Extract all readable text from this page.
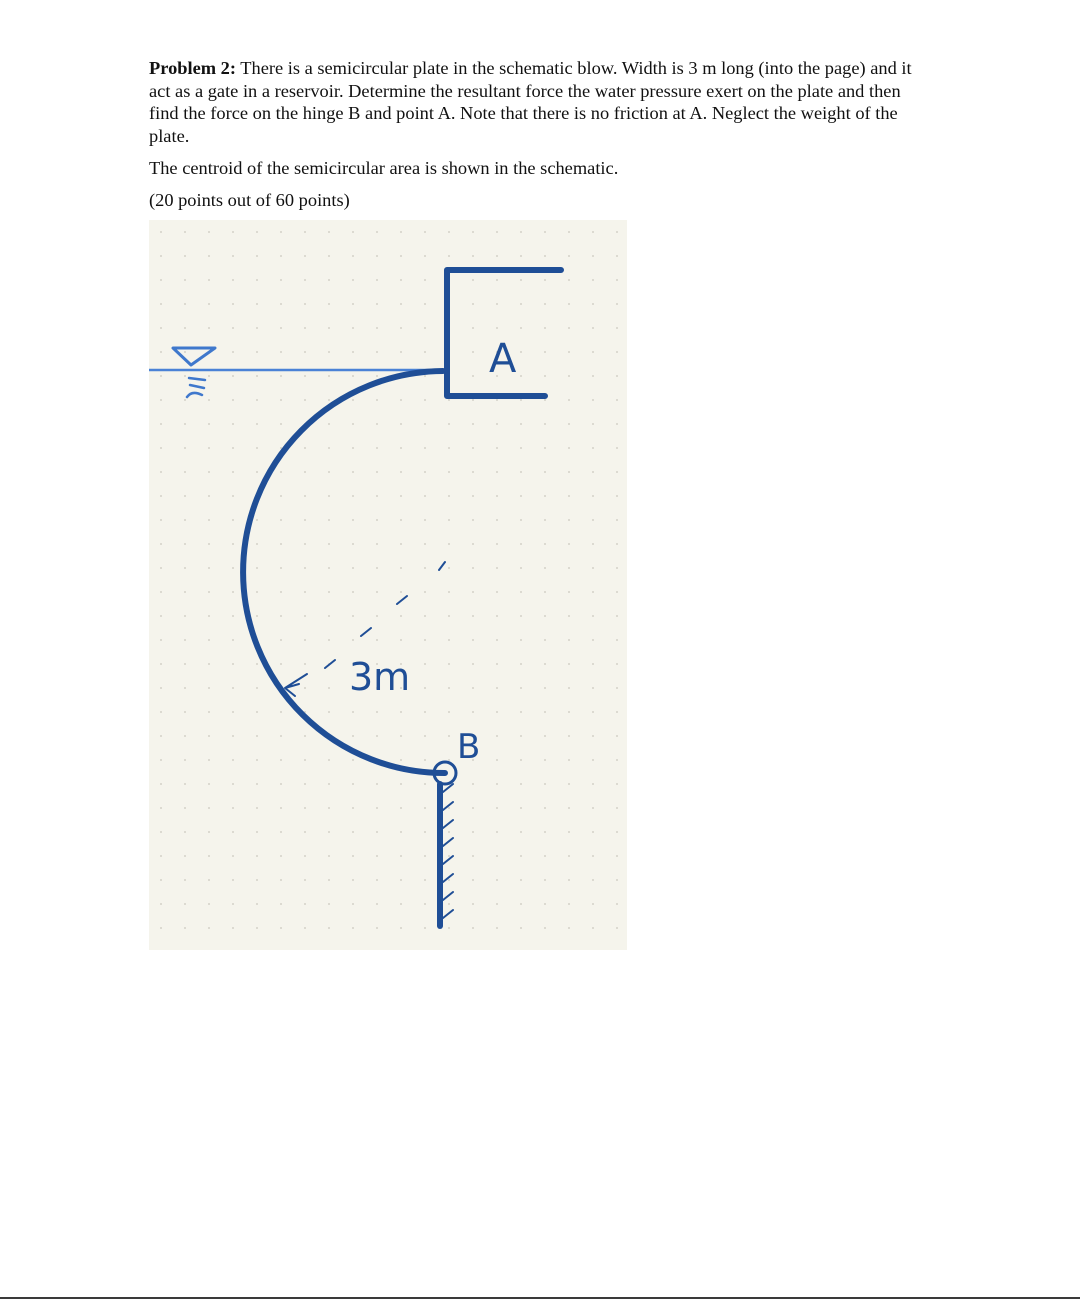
Problem 2: There is a semicircular plate in the schematic blow. Width is 3 m long (into the page) and it act as a gate in a reservoir. Determine the resultant force the water pressure exert on the plate and then find the force on the hinge B and point A. Note that there is no friction at A. Neglect the weight of the plate.

The centroid of the semicircular area is shown in the schematic.

(20 points out of 60 points)

A
3m
B
